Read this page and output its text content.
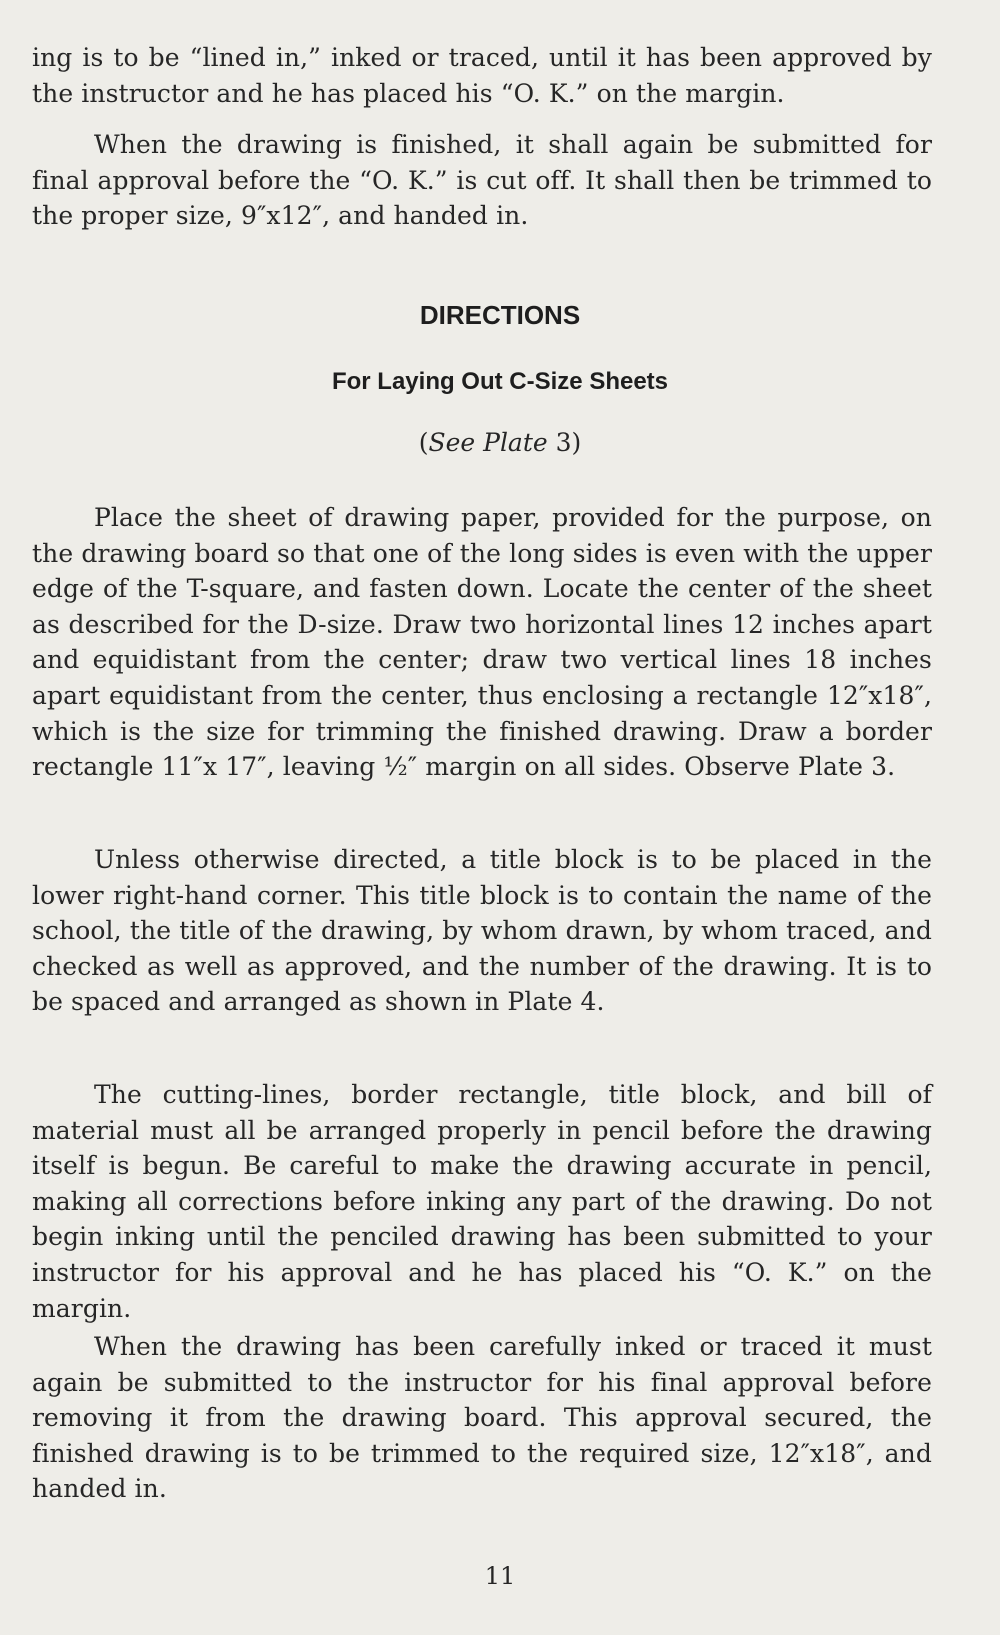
ing is to be “lined in,” inked or traced, until it has been approved by the instructor and he has placed his “O. K.” on the margin.

When the drawing is finished, it shall again be submitted for final approval before the “O. K.” is cut off. It shall then be trimmed to the proper size, 9″x12″, and handed in.

DIRECTIONS
For Laying Out C-Size Sheets

(See Plate 3)

Place the sheet of drawing paper, provided for the purpose, on the drawing board so that one of the long sides is even with the upper edge of the T-square, and fasten down. Locate the center of the sheet as described for the D-size. Draw two horizontal lines 12 inches apart and equidistant from the center; draw two vertical lines 18 inches apart equidistant from the center, thus enclosing a rectangle 12″x18″, which is the size for trimming the finished drawing. Draw a border rectangle 11″x 17″, leaving ½″ margin on all sides. Observe Plate 3.

Unless otherwise directed, a title block is to be placed in the lower right-hand corner. This title block is to contain the name of the school, the title of the drawing, by whom drawn, by whom traced, and checked as well as approved, and the number of the drawing. It is to be spaced and arranged as shown in Plate 4.

The cutting-lines, border rectangle, title block, and bill of material must all be arranged properly in pencil before the drawing itself is begun. Be careful to make the drawing accurate in pencil, making all corrections before inking any part of the drawing. Do not begin inking until the penciled drawing has been submitted to your instructor for his approval and he has placed his “O. K.” on the margin.

When the drawing has been carefully inked or traced it must again be submitted to the instructor for his final approval before removing it from the drawing board. This approval secured, the finished drawing is to be trimmed to the required size, 12″x18″, and handed in.

11
